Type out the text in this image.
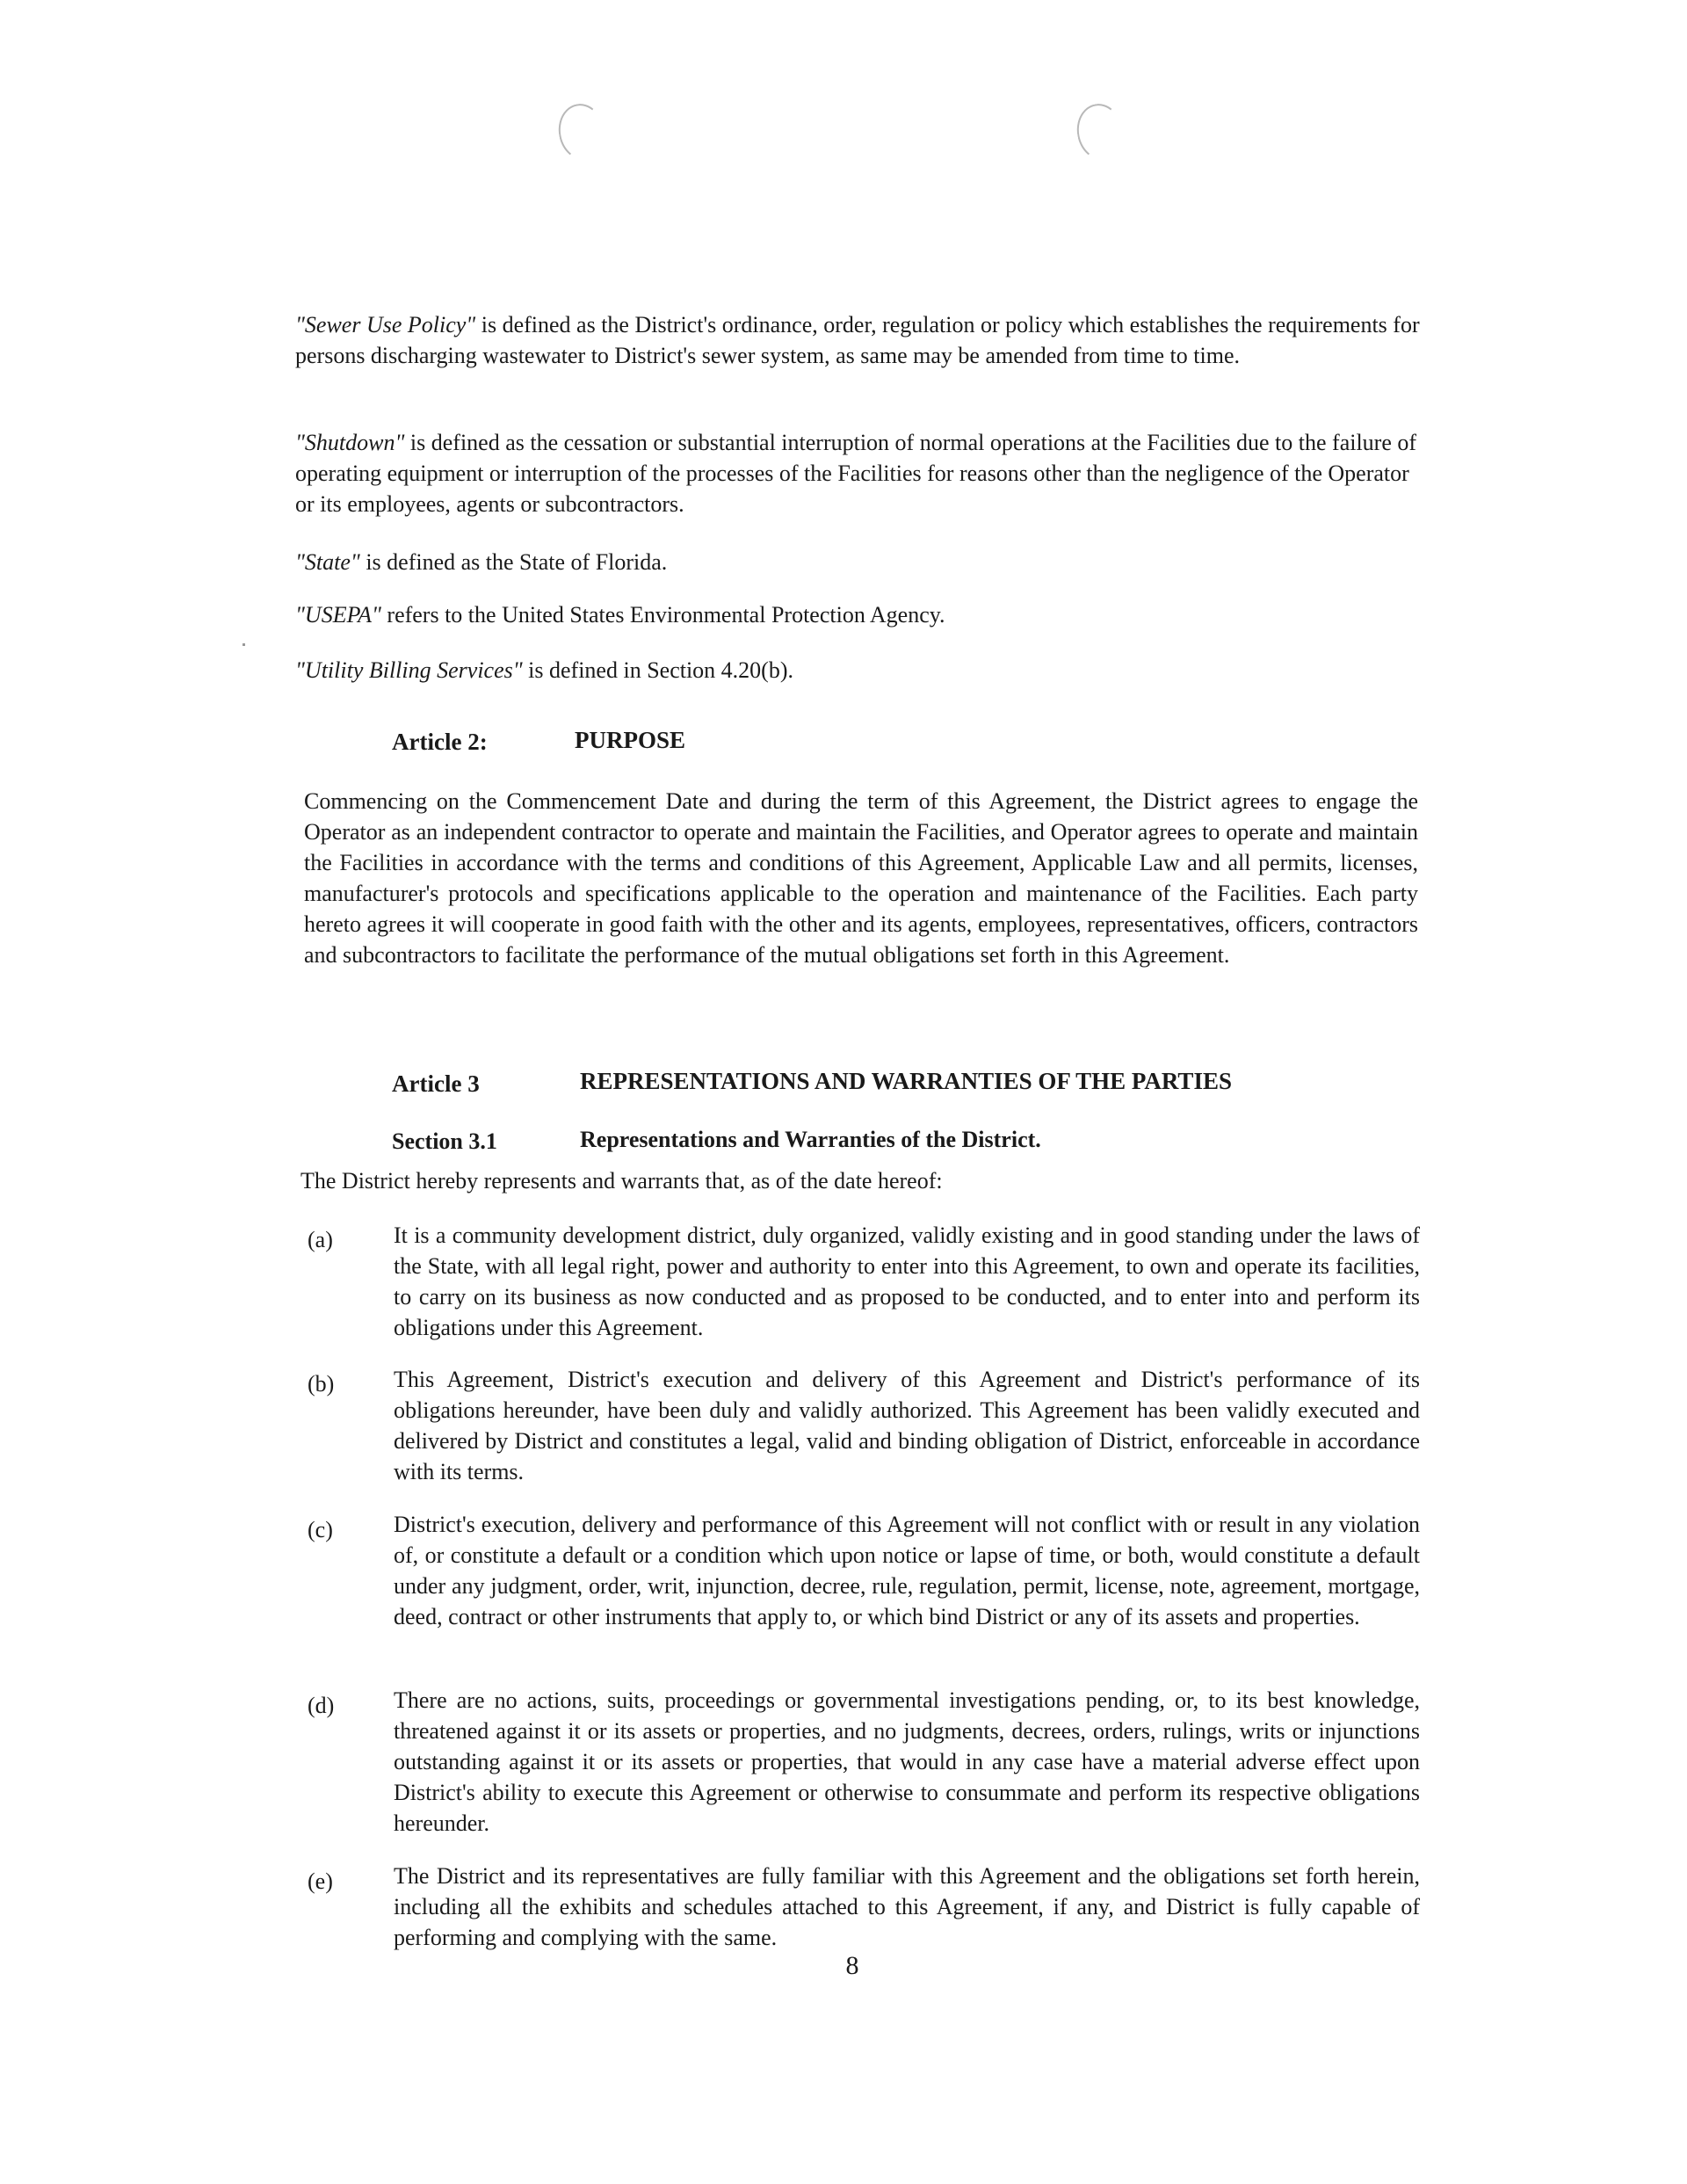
"Sewer Use Policy" is defined as the District's ordinance, order, regulation or policy which establishes the requirements for persons discharging wastewater to District's sewer system, as same may be amended from time to time.

"Shutdown" is defined as the cessation or substantial interruption of normal operations at the Facilities due to the failure of operating equipment or interruption of the processes of the Facilities for reasons other than the negligence of the Operator or its employees, agents or subcontractors.

"State" is defined as the State of Florida.

"USEPA" refers to the United States Environmental Protection Agency.

"Utility Billing Services" is defined in Section 4.20(b).

Article 2:	PURPOSE

Commencing on the Commencement Date and during the term of this Agreement, the District agrees to engage the Operator as an independent contractor to operate and maintain the Facilities, and Operator agrees to operate and maintain the Facilities in accordance with the terms and conditions of this Agreement, Applicable Law and all permits, licenses, manufacturer's protocols and specifications applicable to the operation and maintenance of the Facilities. Each party hereto agrees it will cooperate in good faith with the other and its agents, employees, representatives, officers, contractors and subcontractors to facilitate the performance of the mutual obligations set forth in this Agreement.

Article 3	REPRESENTATIONS AND WARRANTIES OF THE PARTIES
Section 3.1	Representations and Warranties of the District.

The District hereby represents and warrants that, as of the date hereof:

(a)	It is a community development district, duly organized, validly existing and in good standing under the laws of the State, with all legal right, power and authority to enter into this Agreement, to own and operate its facilities, to carry on its business as now conducted and as proposed to be conducted, and to enter into and perform its obligations under this Agreement.

(b)	This Agreement, District's execution and delivery of this Agreement and District's performance of its obligations hereunder, have been duly and validly authorized. This Agreement has been validly executed and delivered by District and constitutes a legal, valid and binding obligation of District, enforceable in accordance with its terms.

(c)	District's execution, delivery and performance of this Agreement will not conflict with or result in any violation of, or constitute a default or a condition which upon notice or lapse of time, or both, would constitute a default under any judgment, order, writ, injunction, decree, rule, regulation, permit, license, note, agreement, mortgage, deed, contract or other instruments that apply to, or which bind District or any of its assets and properties.

(d)	There are no actions, suits, proceedings or governmental investigations pending, or, to its best knowledge, threatened against it or its assets or properties, and no judgments, decrees, orders, rulings, writs or injunctions outstanding against it or its assets or properties, that would in any case have a material adverse effect upon District's ability to execute this Agreement or otherwise to consummate and perform its respective obligations hereunder.

(e)	The District and its representatives are fully familiar with this Agreement and the obligations set forth herein, including all the exhibits and schedules attached to this Agreement, if any, and District is fully capable of performing and complying with the same.

8
